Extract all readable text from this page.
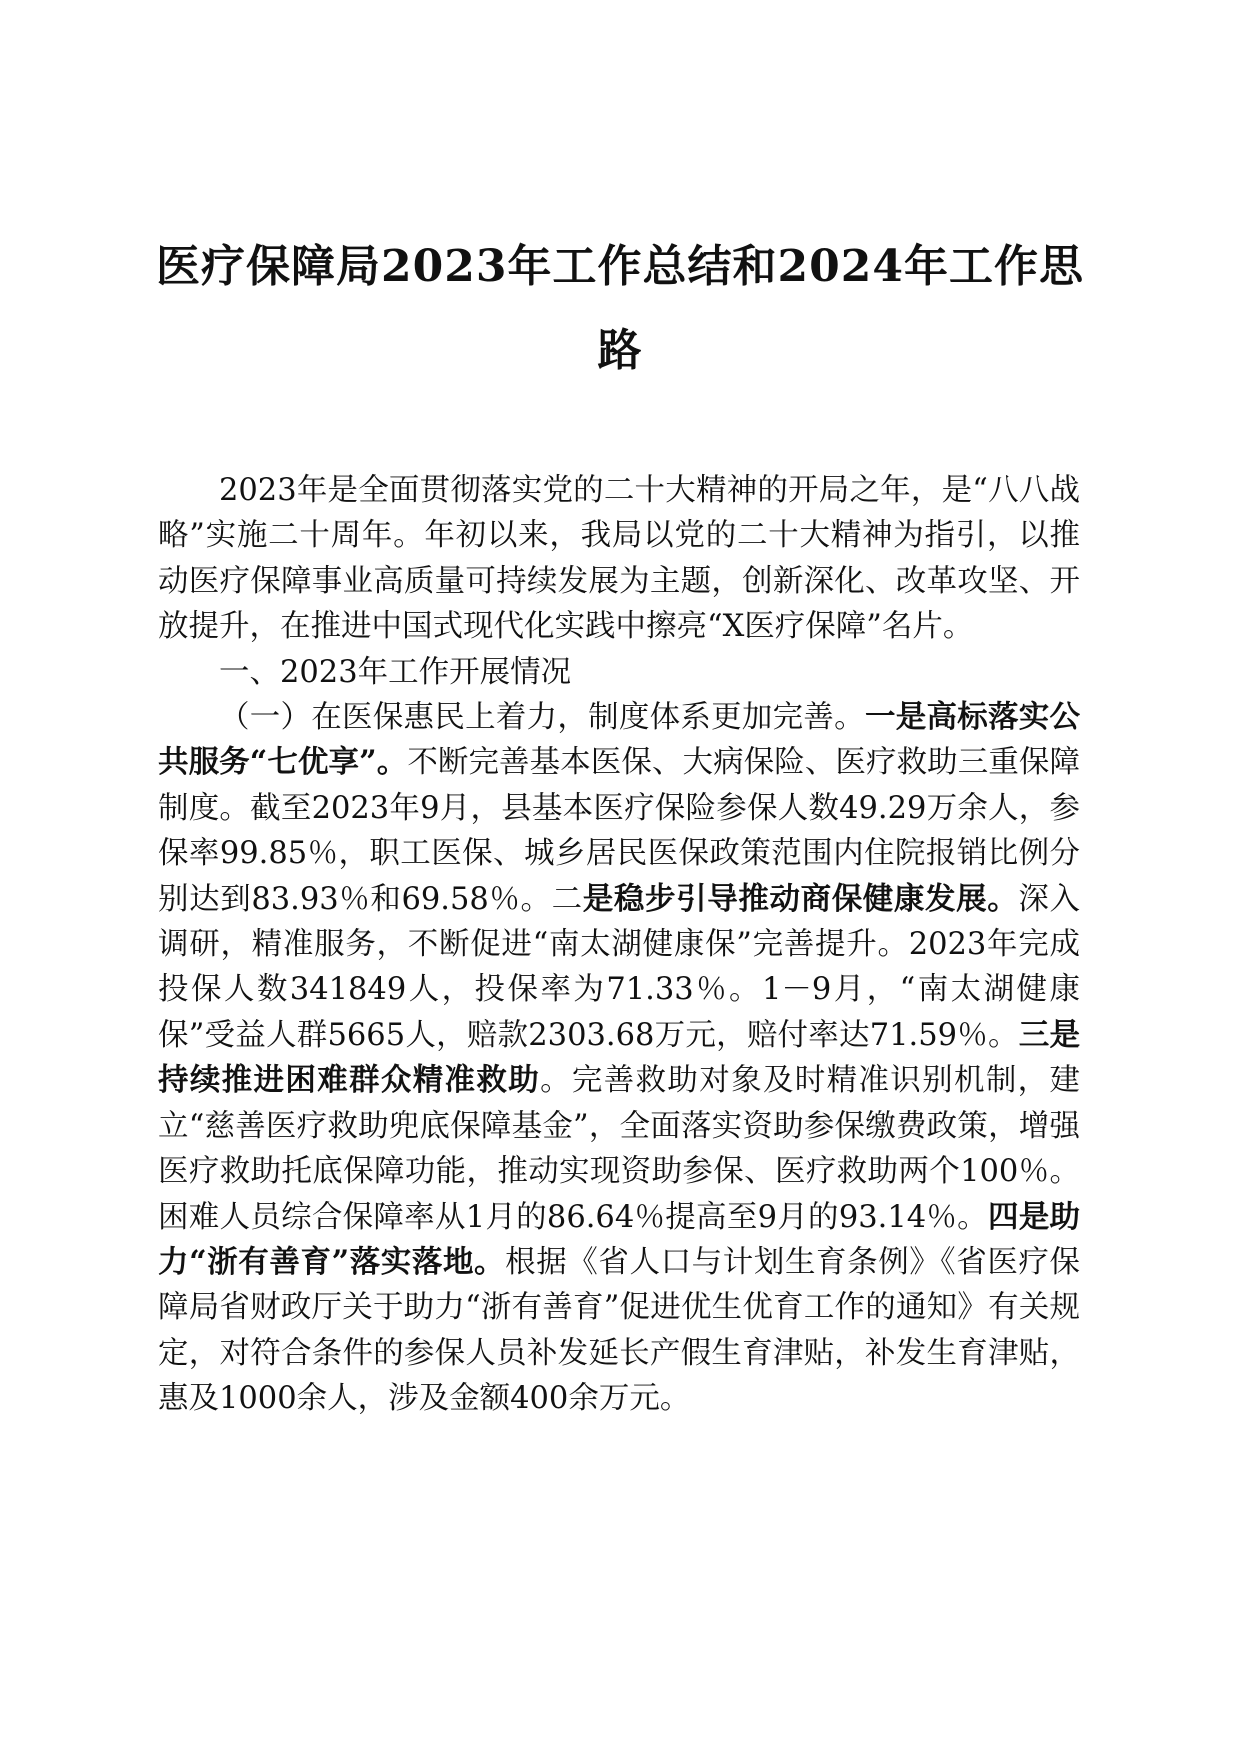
医疗保障局2023年工作总结和2024年工作思路

2023年是全面贯彻落实党的二十大精神的开局之年，是“八八战略”实施二十周年。年初以来，我局以党的二十大精神为指引，以推动医疗保障事业高质量可持续发展为主题，创新深化、改革攻坚、开放提升，在推进中国式现代化实践中擦亮“X医疗保障”名片。

一、2023年工作开展情况

（一）在医保惠民上着力，制度体系更加完善。一是高标落实公共服务“七优享”。不断完善基本医保、大病保险、医疗救助三重保障制度。截至2023年9月，县基本医疗保险参保人数49.29万余人，参保率99.85％，职工医保、城乡居民医保政策范围内住院报销比例分别达到83.93％和69.58％。二是稳步引导推动商保健康发展。深入调研，精准服务，不断促进“南太湖健康保”完善提升。2023年完成投保人数341849人，投保率为71.33％。1－9月，“南太湖健康保”受益人群5665人，赔款2303.68万元，赔付率达71.59％。三是持续推进困难群众精准救助。完善救助对象及时精准识别机制，建立“慈善医疗救助兜底保障基金”，全面落实资助参保缴费政策，增强医疗救助托底保障功能，推动实现资助参保、医疗救助两个100％。困难人员综合保障率从1月的86.64％提高至9月的93.14％。四是助力“浙有善育”落实落地。根据《省人口与计划生育条例》《省医疗保障局省财政厅关于助力“浙有善育”促进优生优育工作的通知》有关规定，对符合条件的参保人员补发延长产假生育津贴，补发生育津贴，惠及1000余人，涉及金额400余万元。
